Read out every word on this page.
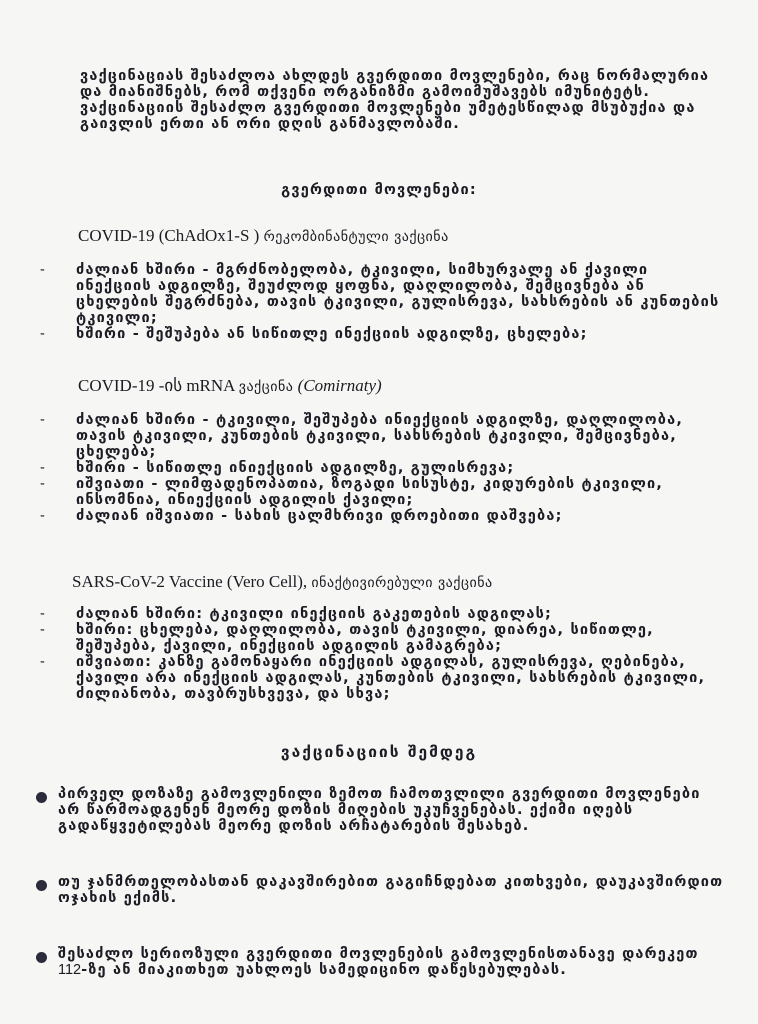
ვაქცინაციას შესაძლოა ახლდეს გვერდითი მოვლენები, რაც ნორმალურია და მიანიშნებს, რომ თქვენი ორგანიზმი გამოიმუშავებს იმუნიტეტს. ვაქცინაციის შესაძლო გვერდითი მოვლენები უმეტესწილად მსუბუქია და გაივლის ერთი ან ორი დღის განმავლობაში.

გვერდითი მოვლენები:
COVID-19 (ChAdOx1-S ) რეკომბინანტული ვაქცინა
- ძალიან ხშირი - მგრძნობელობა, ტკივილი, სიმხურვალე ან ქავილი ინექციის ადგილზე, შეუძლოდ ყოფნა, დაღლილობა, შემცივნება ან ცხელების შეგრძნება, თავის ტკივილი, გულისრევა, სახსრების ან კუნთების ტკივილი;
- ხშირი - შეშუპება ან სიწითლე ინექციის ადგილზე, ცხელება;
COVID-19 -ის mRNA ვაქცინა (Comirnaty)
- ძალიან ხშირი - ტკივილი, შეშუპება ინიექციის ადგილზე, დაღლილობა, თავის ტკივილი, კუნთების ტკივილი, სახსრების ტკივილი, შემცივნება, ცხელება;
- ხშირი - სიწითლე ინიექციის ადგილზე, გულისრევა;
- იშვიათი - ლიმფადენოპათია, ზოგადი სისუსტე, კიდურების ტკივილი, ინსომნია, ინიექციის ადგილის ქავილი;
- ძალიან იშვიათი - სახის ცალმხრივი დროებითი დაშვება;
SARS-CoV-2 Vaccine (Vero Cell), ინაქტივირებული ვაქცინა
- ძალიან ხშირი: ტკივილი ინექციის გაკეთების ადგილას;
- ხშირი: ცხელება, დაღლილობა, თავის ტკივილი, დიარეა, სიწითლე, შეშუპება, ქავილი, ინექციის ადგილის გამაგრება;
- იშვიათი: კანზე გამონაყარი ინექციის ადგილას, გულისრევა, ღებინება, ქავილი არა ინექციის ადგილას, კუნთების ტკივილი, სახსრების ტკივილი, ძილიანობა, თავბრუსხვევა, და სხვა;
ვაქცინაციის შემდეგ
პირველ დოზაზე გამოვლენილი ზემოთ ჩამოთვლილი გვერდითი მოვლენები არ წარმოადგენენ მეორე დოზის მიღების უკუჩვენებას. ექიმი იღებს გადაწყვეტილებას მეორე დოზის არჩატარების შესახებ.
თუ ჯანმრთელობასთან დაკავშირებით გაგიჩნდებათ კითხვები, დაუკავშირდით ოჯახის ექიმს.
შესაძლო სერიოზული გვერდითი მოვლენების გამოვლენისთანავე დარეკეთ 112-ზე ან მიაკითხეთ უახლოეს სამედიცინო დაწესებულებას.
